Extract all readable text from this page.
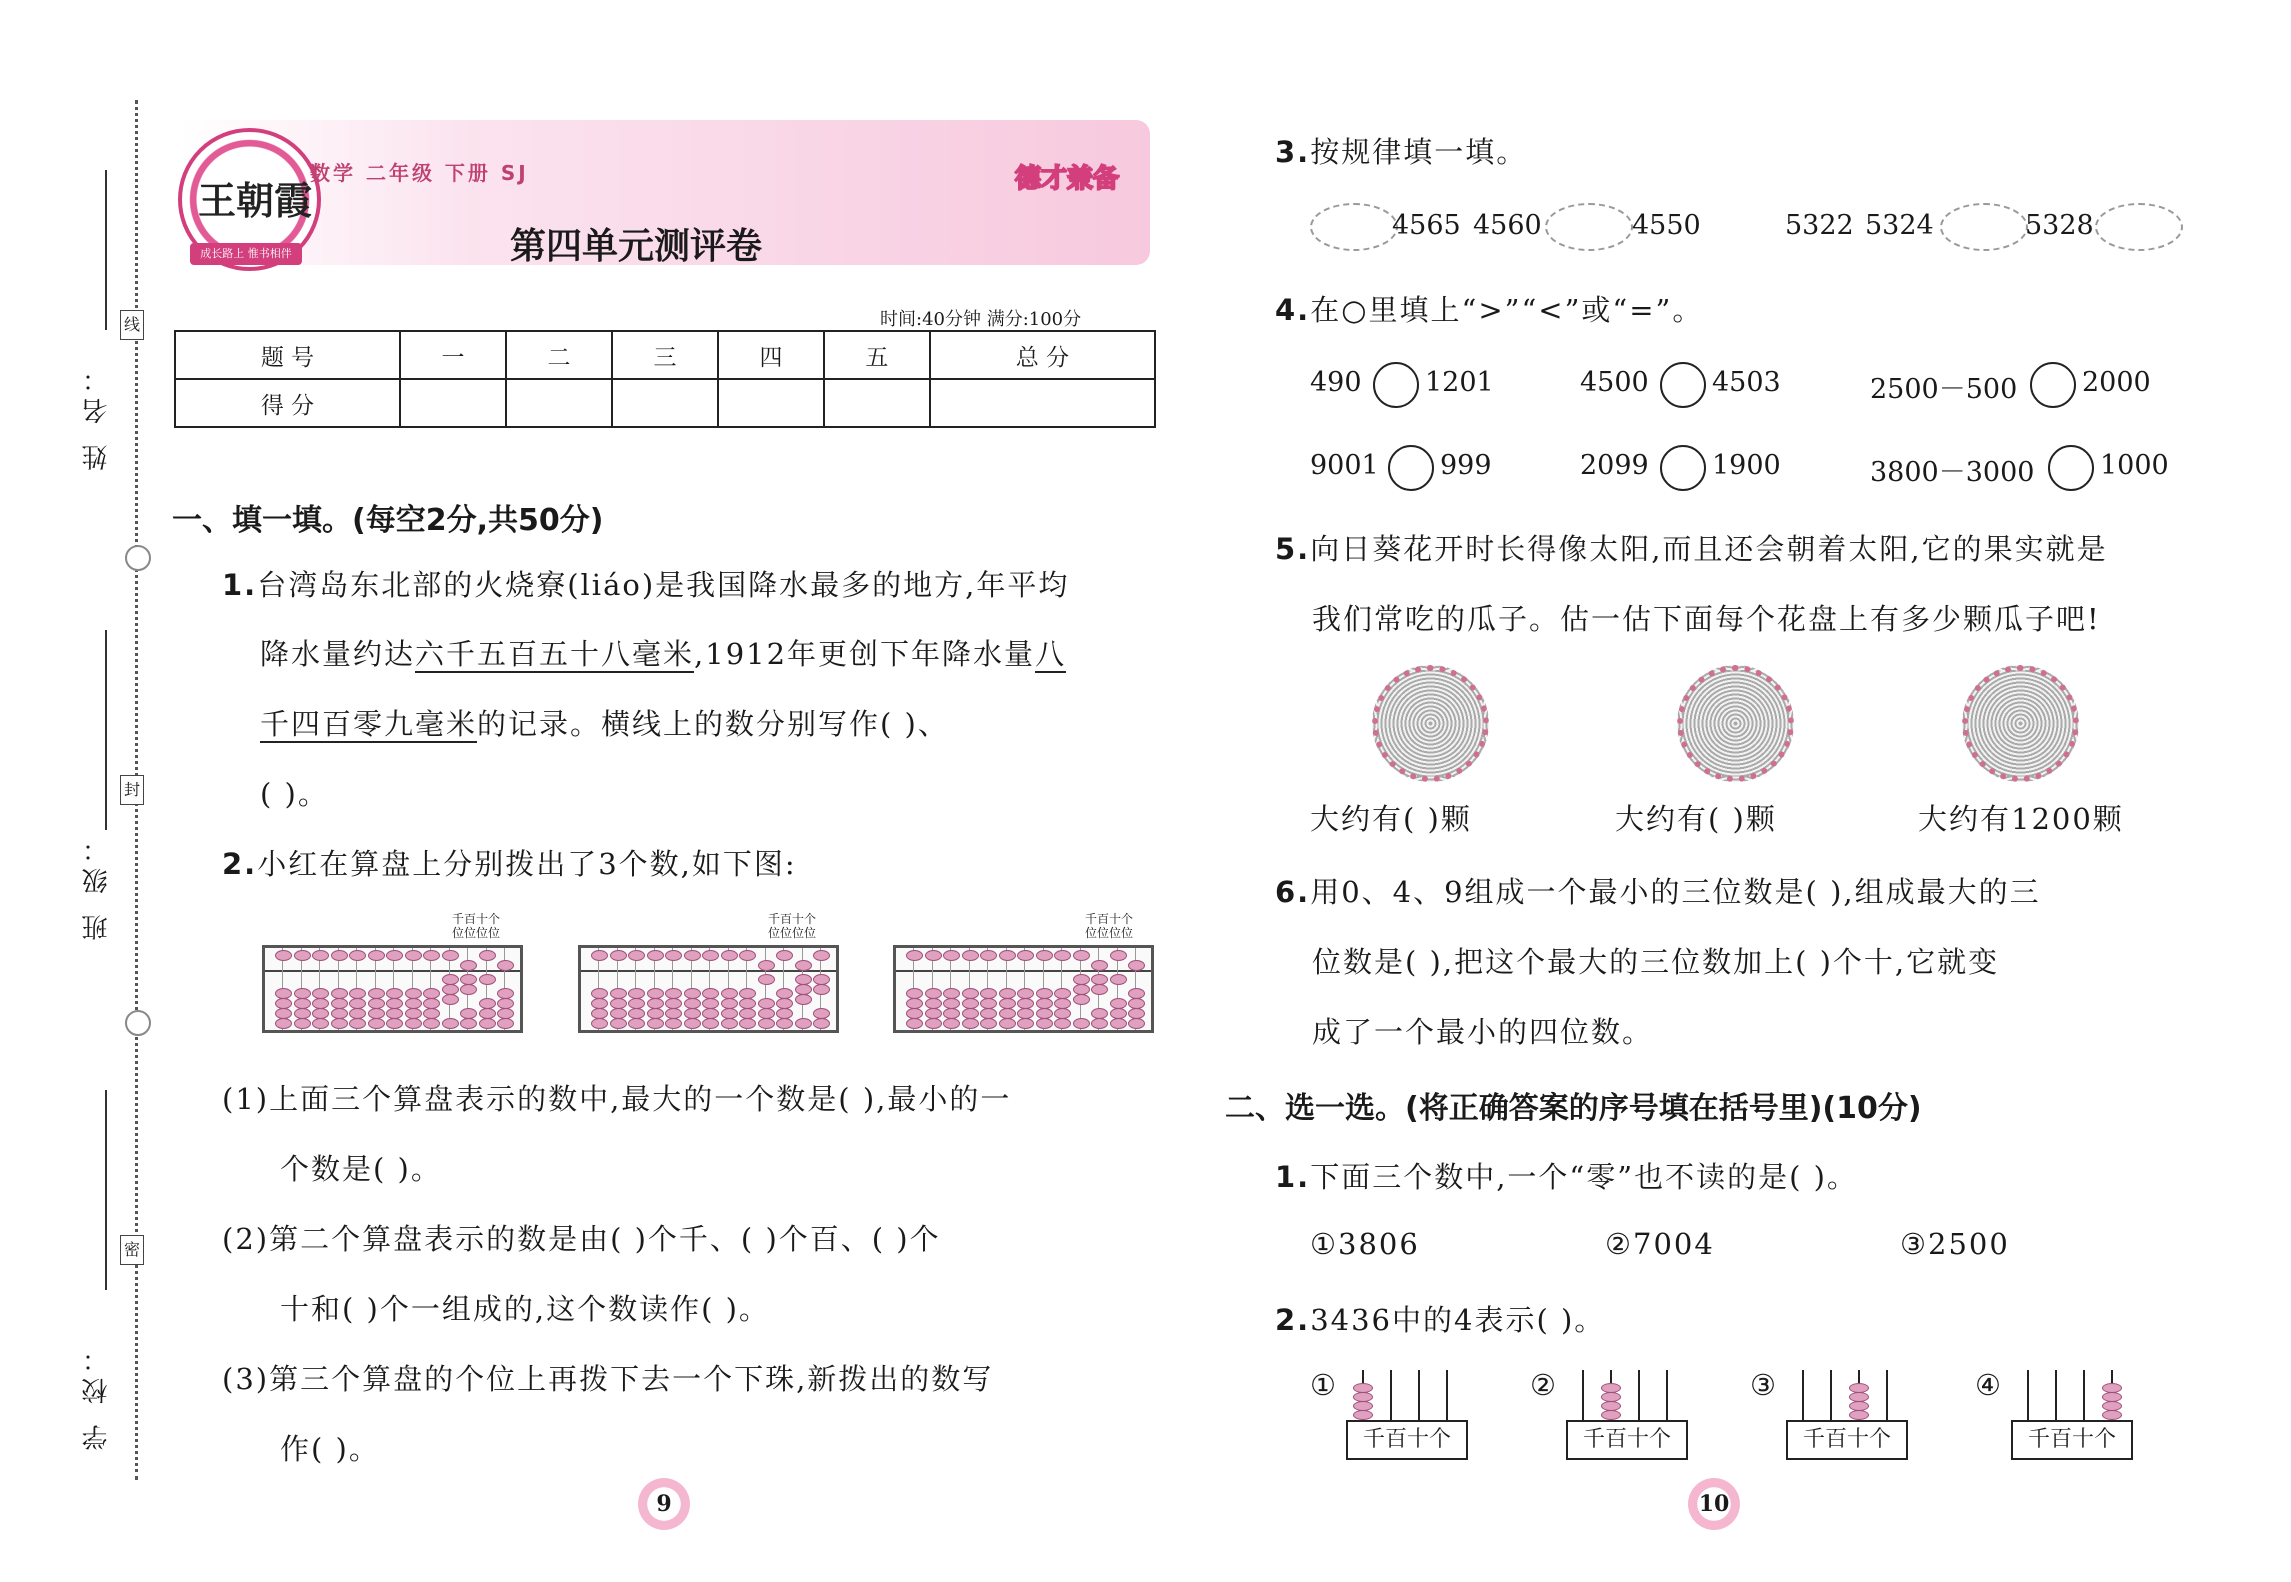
姓 名：
班 级：
学 校：
线
封
密
王朝霞
成长路上 惟书相伴
数学 二年级 下册 SJ
第四单元测评卷
德才兼备
时间:40分钟 满分:100分
题 号	一	二	三	四	五	总 分
得 分						
一、填一填。(每空2分,共50分)
1.台湾岛东北部的火烧寮(liáo)是我国降水最多的地方,年平均
降水量约达六千五百五十八毫米,1912年更创下年降水量八
千四百零九毫米的记录。横线上的数分别写作( )、
( )。
2.小红在算盘上分别拨出了3个数,如下图:
千百十个
位位位位
千百十个
位位位位
千百十个
位位位位
(1)上面三个算盘表示的数中,最大的一个数是( ),最小的一
个数是( )。
(2)第二个算盘表示的数是由( )个千、( )个百、( )个
十和( )个一组成的,这个数读作( )。
(3)第三个算盘的个位上再拨下去一个下珠,新拨出的数写
作( )。
9
3.按规律填一填。
4565 4560	4550	5322 5324	5328
4.在○里填上“>”“<”或“=”。
490 1201	4500 4503	2500－500 2000
9001 999	2099 1900	3800－3000 1000
5.向日葵花开时长得像太阳,而且还会朝着太阳,它的果实就是
我们常吃的瓜子。估一估下面每个花盘上有多少颗瓜子吧!
大约有( )颗	大约有( )颗	大约有1200颗
6.用0、4、9组成一个最小的三位数是( ),组成最大的三
位数是( ),把这个最大的三位数加上( )个十,它就变
成了一个最小的四位数。
二、选一选。(将正确答案的序号填在括号里)(10分)
1.下面三个数中,一个“零”也不读的是( )。
①3806	②7004	③2500
2.3436中的4表示( )。
①
千百十个
②
千百十个
③
千百十个
④
千百十个
10
